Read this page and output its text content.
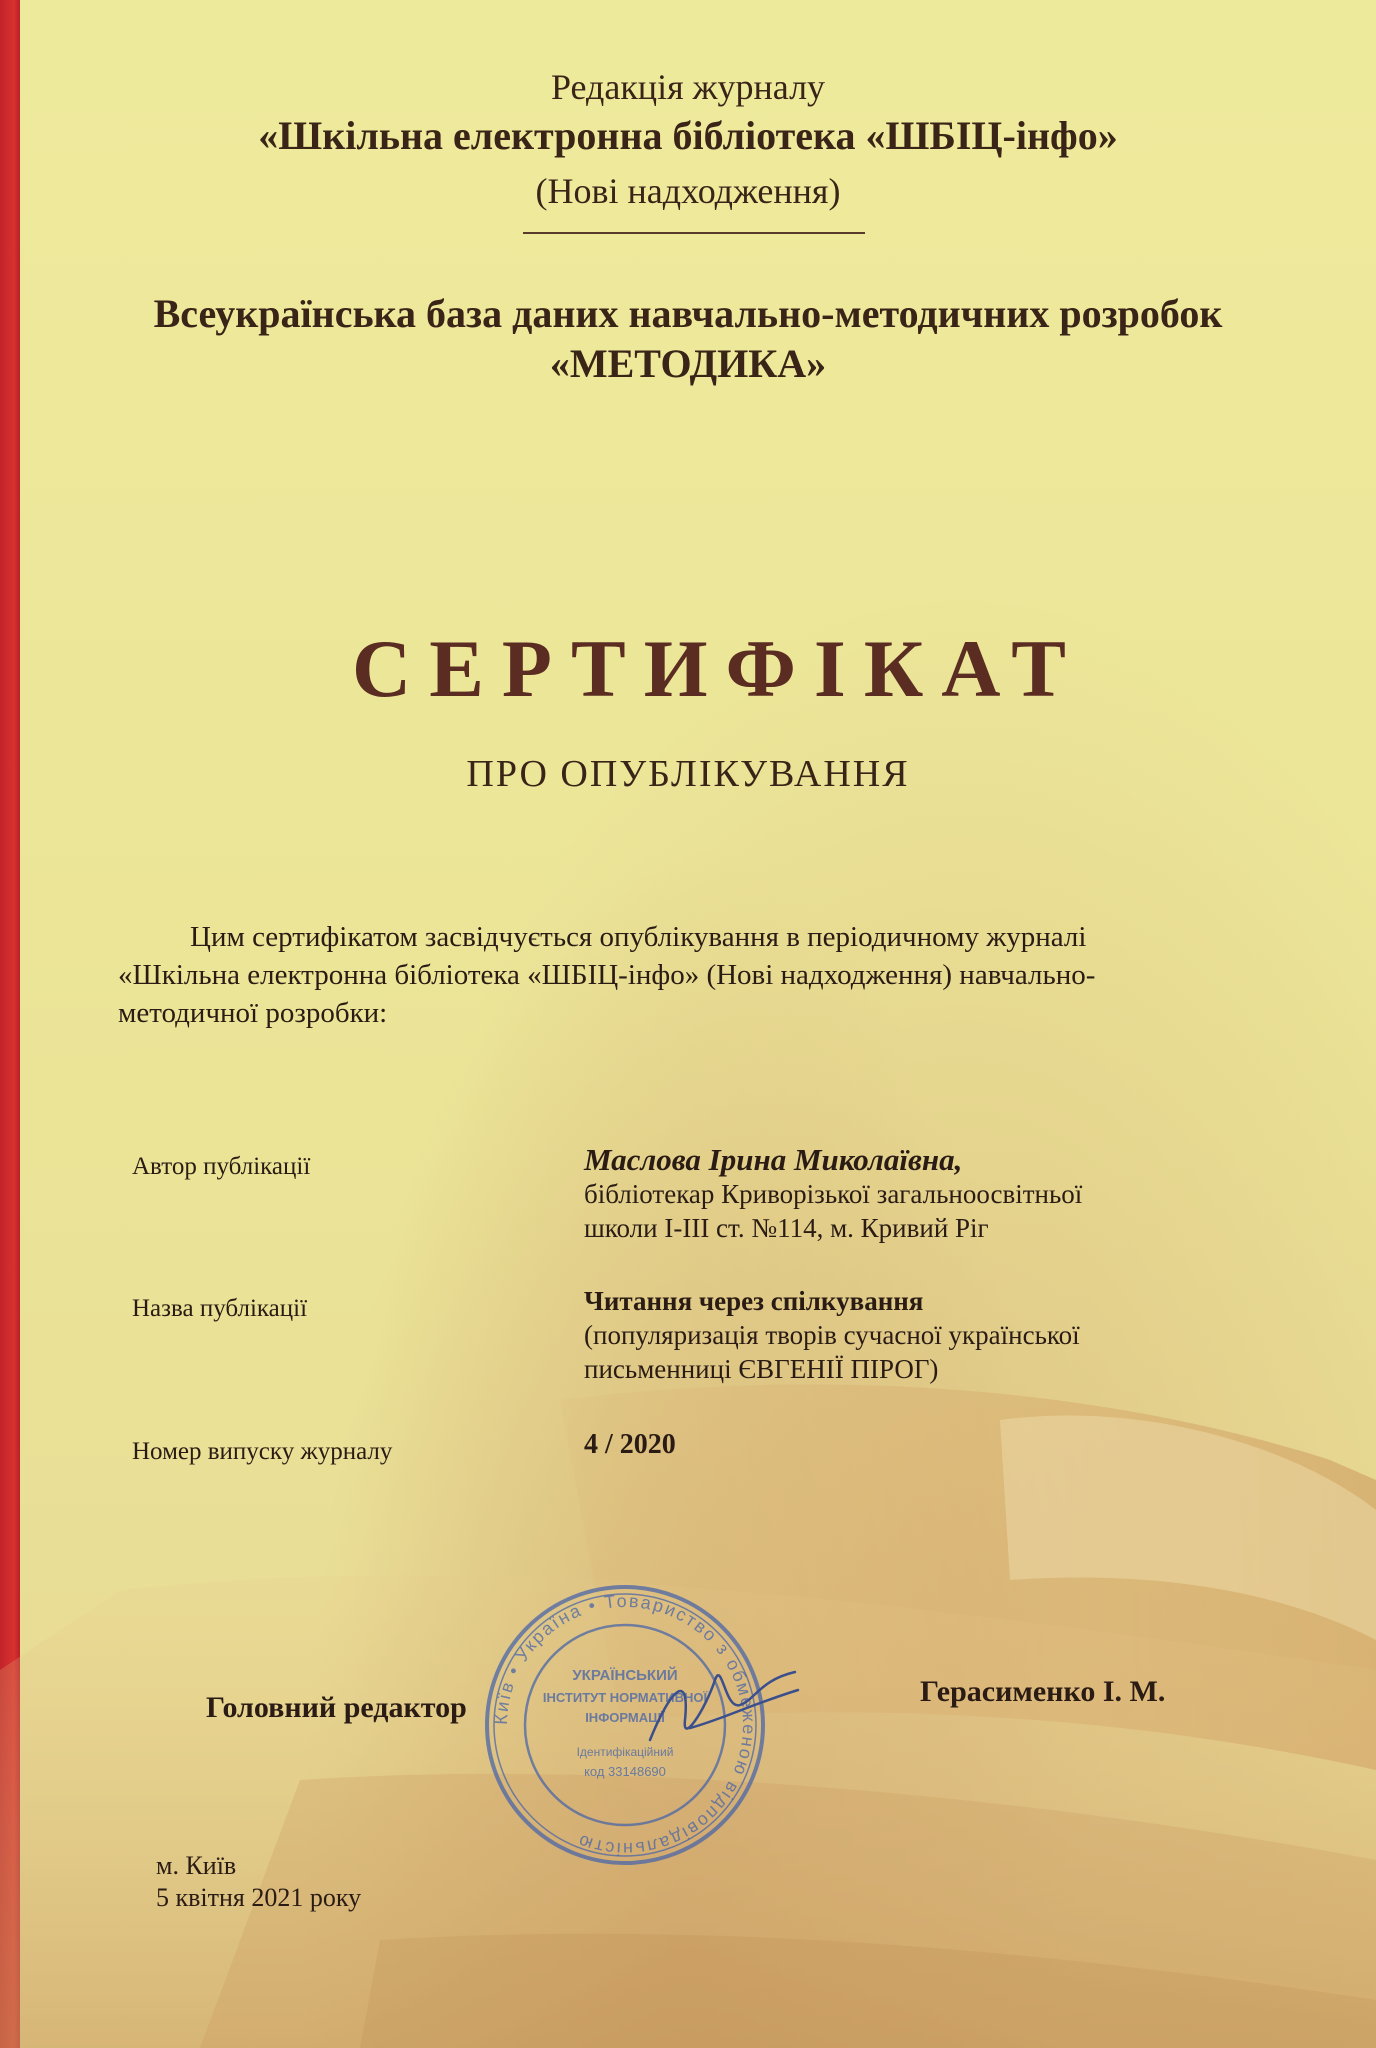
Редакція журналу
«Шкільна електронна бібліотека «ШБІЦ-інфо»
(Нові надходження)
Всеукраїнська база даних навчально-методичних розробок
«МЕТОДИКА»
СЕРТИФІКАТ
ПРО ОПУБЛІКУВАННЯ
Цим сертифікатом засвідчується опублікування в періодичному журналі
«Шкільна електронна бібліотека «ШБІЦ-інфо» (Нові надходження) навчально-
методичної розробки:
Автор публікації	Маслова Ірина Миколаївна,
бібліотекар Криворізької загальноосвітньої
школи І-ІІІ ст. №114, м. Кривий Ріг
Назва публікації	Читання через спілкування
(популяризація творів сучасної української
письменниці ЄВГЕНІЇ ПІРОГ)
Номер випуску журналу	4 / 2020
Київ • Україна • Товариство з обмеженою відповідальністю
УКРАЇНСЬКИЙ
ІНСТИТУТ НОРМАТИВНОЇ
ІНФОРМАЦІЇ
Ідентифікаційний
код 33148690
Головний редактор	Герасименко І. М.
м. Київ
5 квітня 2021 року
